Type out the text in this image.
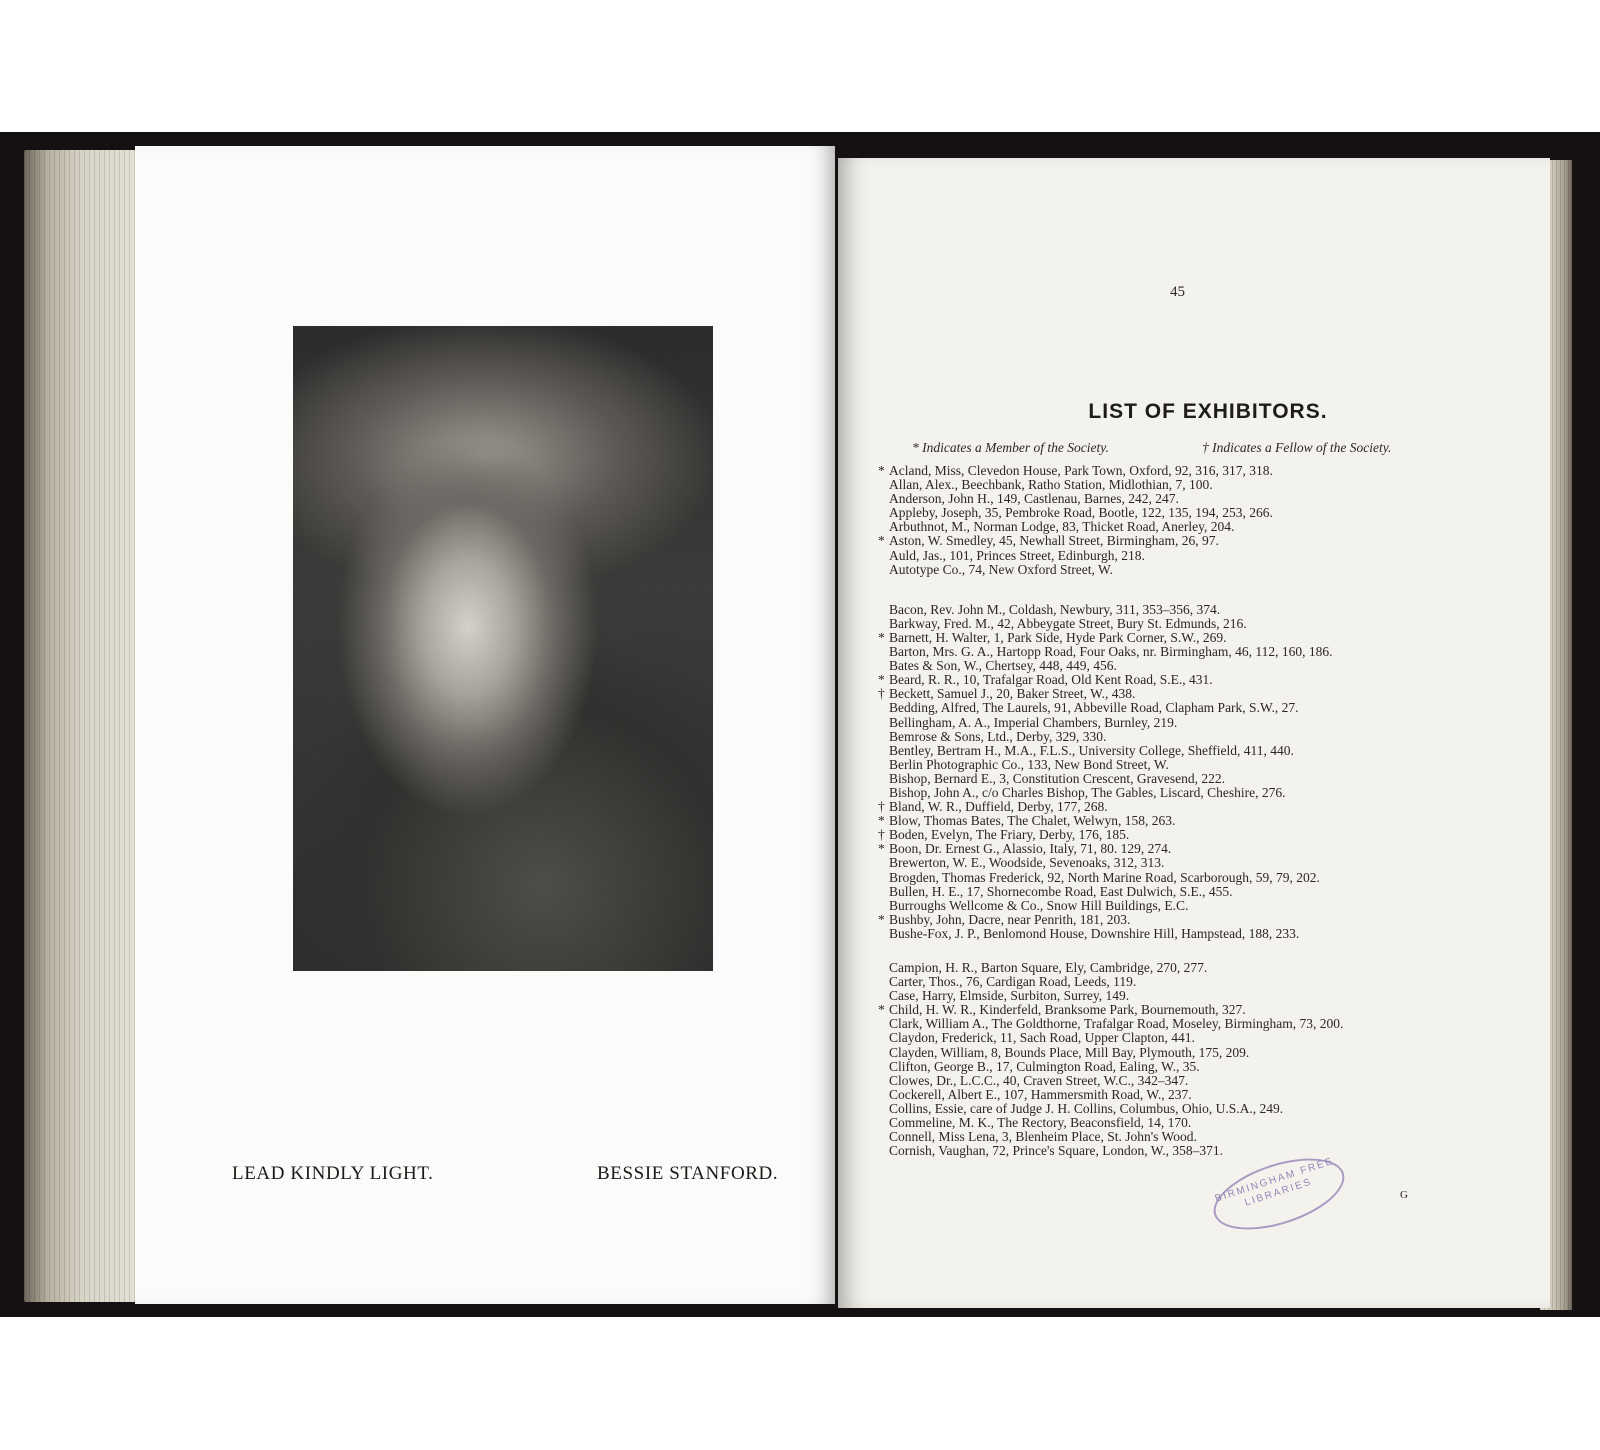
LEAD KINDLY LIGHT.	BESSIE STANFORD.
45
LIST OF EXHIBITORS.
* Indicates a Member of the Society.	† Indicates a Fellow of the Society.
* Acland, Miss, Clevedon House, Park Town, Oxford, 92, 316, 317, 318.
Allan, Alex., Beechbank, Ratho Station, Midlothian, 7, 100.
Anderson, John H., 149, Castlenau, Barnes, 242, 247.
Appleby, Joseph, 35, Pembroke Road, Bootle, 122, 135, 194, 253, 266.
Arbuthnot, M., Norman Lodge, 83, Thicket Road, Anerley, 204.
* Aston, W. Smedley, 45, Newhall Street, Birmingham, 26, 97.
Auld, Jas., 101, Princes Street, Edinburgh, 218.
Autotype Co., 74, New Oxford Street, W.
Bacon, Rev. John M., Coldash, Newbury, 311, 353–356, 374.
Barkway, Fred. M., 42, Abbeygate Street, Bury St. Edmunds, 216.
* Barnett, H. Walter, 1, Park Side, Hyde Park Corner, S.W., 269.
Barton, Mrs. G. A., Hartopp Road, Four Oaks, nr. Birmingham, 46, 112, 160, 186.
Bates & Son, W., Chertsey, 448, 449, 456.
* Beard, R. R., 10, Trafalgar Road, Old Kent Road, S.E., 431.
† Beckett, Samuel J., 20, Baker Street, W., 438.
Bedding, Alfred, The Laurels, 91, Abbeville Road, Clapham Park, S.W., 27.
Bellingham, A. A., Imperial Chambers, Burnley, 219.
Bemrose & Sons, Ltd., Derby, 329, 330.
Bentley, Bertram H., M.A., F.L.S., University College, Sheffield, 411, 440.
Berlin Photographic Co., 133, New Bond Street, W.
Bishop, Bernard E., 3, Constitution Crescent, Gravesend, 222.
Bishop, John A., c/o Charles Bishop, The Gables, Liscard, Cheshire, 276.
† Bland, W. R., Duffield, Derby, 177, 268.
* Blow, Thomas Bates, The Chalet, Welwyn, 158, 263.
† Boden, Evelyn, The Friary, Derby, 176, 185.
* Boon, Dr. Ernest G., Alassio, Italy, 71, 80. 129, 274.
Brewerton, W. E., Woodside, Sevenoaks, 312, 313.
Brogden, Thomas Frederick, 92, North Marine Road, Scarborough, 59, 79, 202.
Bullen, H. E., 17, Shornecombe Road, East Dulwich, S.E., 455.
Burroughs Wellcome & Co., Snow Hill Buildings, E.C.
* Bushby, John, Dacre, near Penrith, 181, 203.
Bushe-Fox, J. P., Benlomond House, Downshire Hill, Hampstead, 188, 233.
Campion, H. R., Barton Square, Ely, Cambridge, 270, 277.
Carter, Thos., 76, Cardigan Road, Leeds, 119.
Case, Harry, Elmside, Surbiton, Surrey, 149.
* Child, H. W. R., Kinderfeld, Branksome Park, Bournemouth, 327.
Clark, William A., The Goldthorne, Trafalgar Road, Moseley, Birmingham, 73, 200.
Claydon, Frederick, 11, Sach Road, Upper Clapton, 441.
Clayden, William, 8, Bounds Place, Mill Bay, Plymouth, 175, 209.
Clifton, George B., 17, Culmington Road, Ealing, W., 35.
Clowes, Dr., L.C.C., 40, Craven Street, W.C., 342–347.
Cockerell, Albert E., 107, Hammersmith Road, W., 237.
Collins, Essie, care of Judge J. H. Collins, Columbus, Ohio, U.S.A., 249.
Commeline, M. K., The Rectory, Beaconsfield, 14, 170.
Connell, Miss Lena, 3, Blenheim Place, St. John's Wood.
Cornish, Vaughan, 72, Prince's Square, London, W., 358–371.
BIRMINGHAM FREE LIBRARIES	G
